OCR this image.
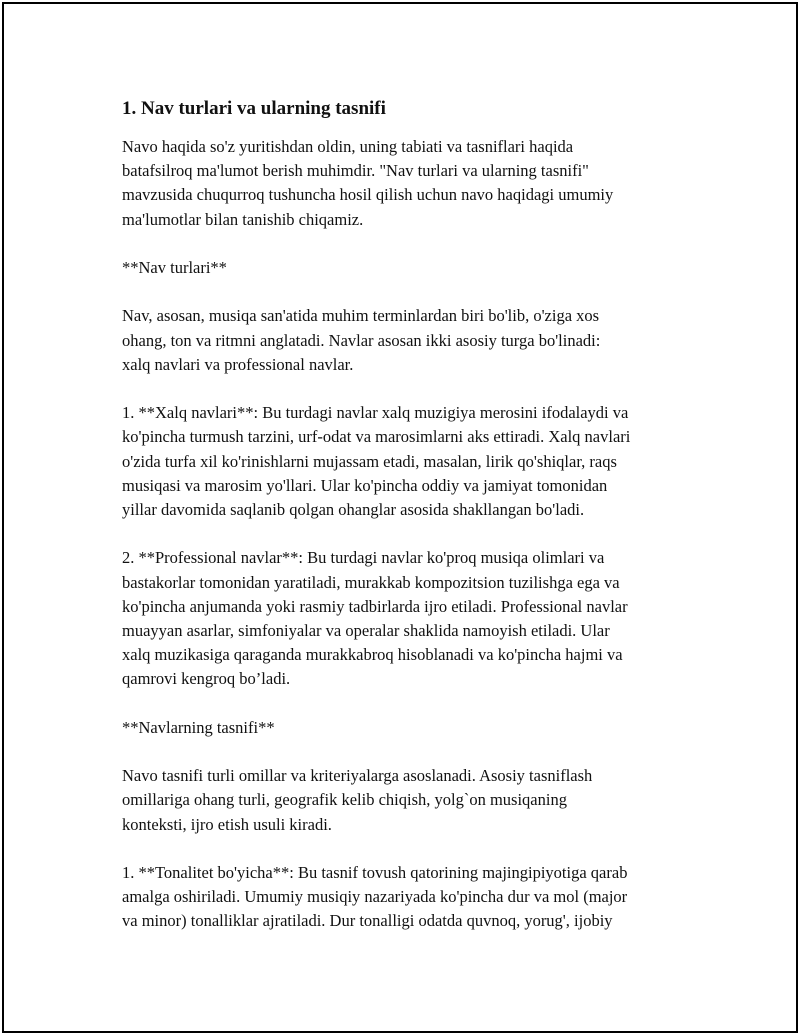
1. Nav turlari va ularning tasnifi
Navo haqida so'z yuritishdan oldin, uning tabiati va tasniflari haqida
batafsilroq ma'lumot berish muhimdir. "Nav turlari va ularning tasnifi"
mavzusida chuqurroq tushuncha hosil qilish uchun navo haqidagi umumiy
ma'lumotlar bilan tanishib chiqamiz.
**Nav turlari**
Nav, asosan, musiqa san'atida muhim terminlardan biri bo'lib, o'ziga xos
ohang, ton va ritmni anglatadi. Navlar asosan ikki asosiy turga bo'linadi:
xalq navlari va professional navlar.
1. **Xalq navlari**: Bu turdagi navlar xalq muzigiya merosini ifodalaydi va
ko'pincha turmush tarzini, urf-odat va marosimlarni aks ettiradi. Xalq navlari
o'zida turfa xil ko'rinishlarni mujassam etadi, masalan, lirik qo'shiqlar, raqs
musiqasi va marosim yo'llari. Ular ko'pincha oddiy va jamiyat tomonidan
yillar davomida saqlanib qolgan ohanglar asosida shakllangan bo'ladi.
2. **Professional navlar**: Bu turdagi navlar ko'proq musiqa olimlari va
bastakorlar tomonidan yaratiladi, murakkab kompozitsion tuzilishga ega va
ko'pincha anjumanda yoki rasmiy tadbirlarda ijro etiladi. Professional navlar
muayyan asarlar, simfoniyalar va operalar shaklida namoyish etiladi. Ular
xalq muzikasiga qaraganda murakkabroq hisoblanadi va ko'pincha hajmi va
qamrovi kengroq bo’ladi.
**Navlarning tasnifi**
Navo tasnifi turli omillar va kriteriyalarga asoslanadi. Asosiy tasniflash
omillariga ohang turli, geografik kelib chiqish, yolg`on musiqaning
konteksti, ijro etish usuli kiradi.
1. **Tonalitet bo'yicha**: Bu tasnif tovush qatorining majingipiyotiga qarab
amalga oshiriladi. Umumiy musiqiy nazariyada ko'pincha dur va mol (major
va minor) tonalliklar ajratiladi. Dur tonalligi odatda quvnoq, yorug', ijobiy
